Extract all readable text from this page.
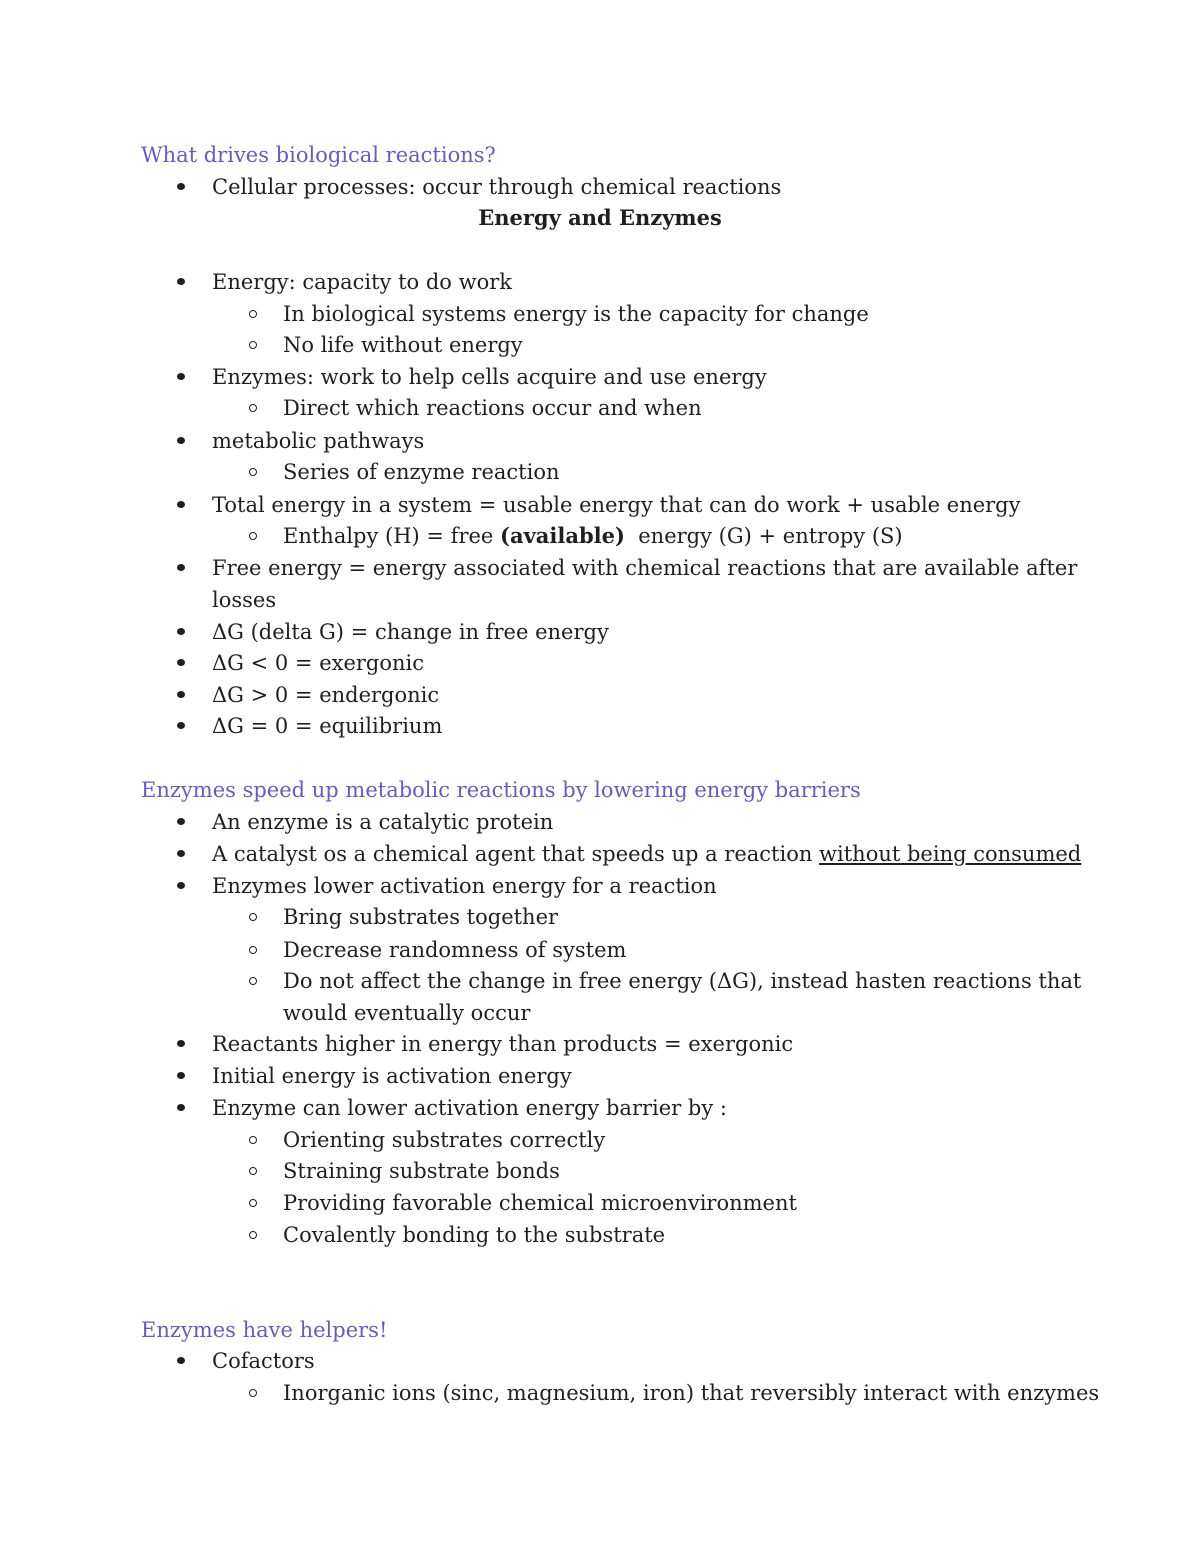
What drives biological reactions?
Cellular processes: occur through chemical reactions
Energy and Enzymes
Energy: capacity to do work
In biological systems energy is the capacity for change
No life without energy
Enzymes: work to help cells acquire and use energy
Direct which reactions occur and when
metabolic pathways
Series of enzyme reaction
Total energy in a system = usable energy that can do work + usable energy
Enthalpy (H) = free (available)  energy (G) + entropy (S)
Free energy = energy associated with chemical reactions that are available after
losses
ΔG (delta G) = change in free energy
ΔG < 0 = exergonic
ΔG > 0 = endergonic
ΔG = 0 = equilibrium
Enzymes speed up metabolic reactions by lowering energy barriers
An enzyme is a catalytic protein
A catalyst os a chemical agent that speeds up a reaction without being consumed
Enzymes lower activation energy for a reaction
Bring substrates together
Decrease randomness of system
Do not affect the change in free energy (ΔG), instead hasten reactions that
would eventually occur
Reactants higher in energy than products = exergonic
Initial energy is activation energy
Enzyme can lower activation energy barrier by :
Orienting substrates correctly
Straining substrate bonds
Providing favorable chemical microenvironment
Covalently bonding to the substrate
Enzymes have helpers!
Cofactors
Inorganic ions (sinc, magnesium, iron) that reversibly interact with enzymes
